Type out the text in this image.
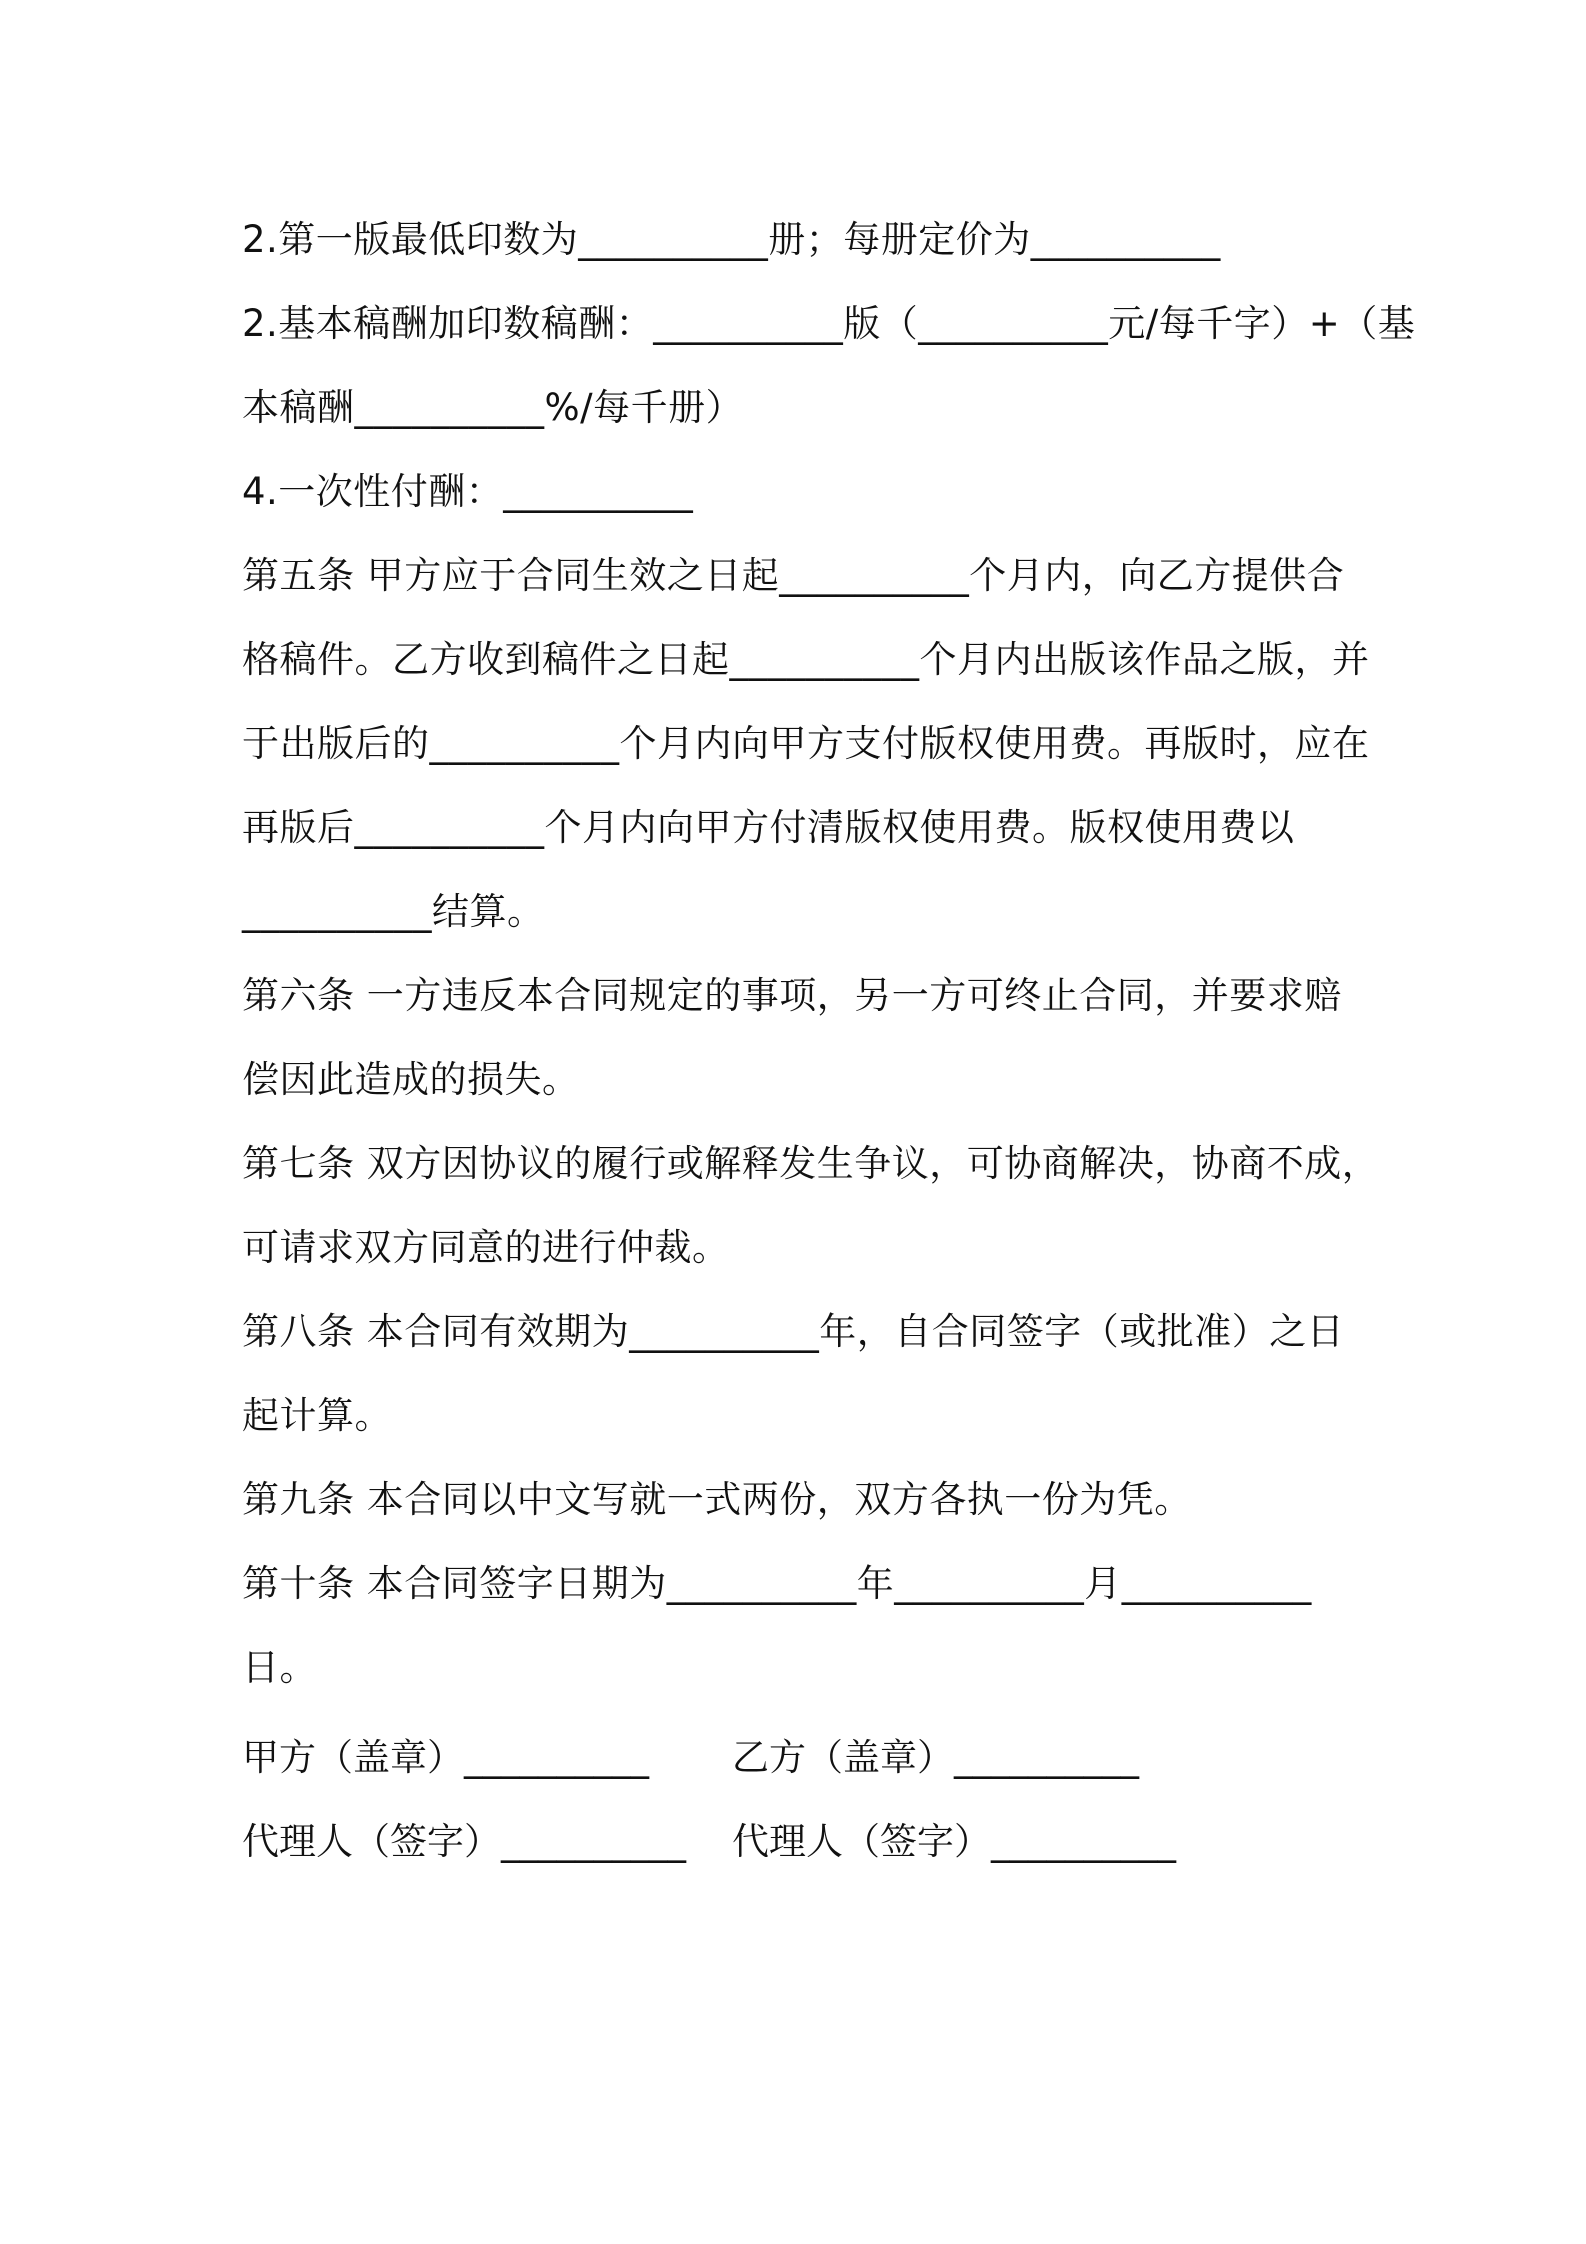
2.第一版最低印数为__________册；每册定价为__________
2.基本稿酬加印数稿酬：__________版（__________元/每千字）+（基
本稿酬__________%/每千册）
4.一次性付酬：__________
第五条 甲方应于合同生效之日起__________个月内，向乙方提供合
格稿件。乙方收到稿件之日起__________个月内出版该作品之版，并
于出版后的__________个月内向甲方支付版权使用费。再版时，应在
再版后__________个月内向甲方付清版权使用费。版权使用费以
__________结算。
第六条 一方违反本合同规定的事项，另一方可终止合同，并要求赔
偿因此造成的损失。
第七条 双方因协议的履行或解释发生争议，可协商解决，协商不成，
可请求双方同意的进行仲裁。
第八条 本合同有效期为__________年，自合同签字（或批准）之日
起计算。
第九条 本合同以中文写就一式两份，双方各执一份为凭。
第十条 本合同签字日期为__________年__________月__________
日。
甲方（盖章）__________ 乙方（盖章）__________
代理人（签字）__________ 代理人（签字）__________
